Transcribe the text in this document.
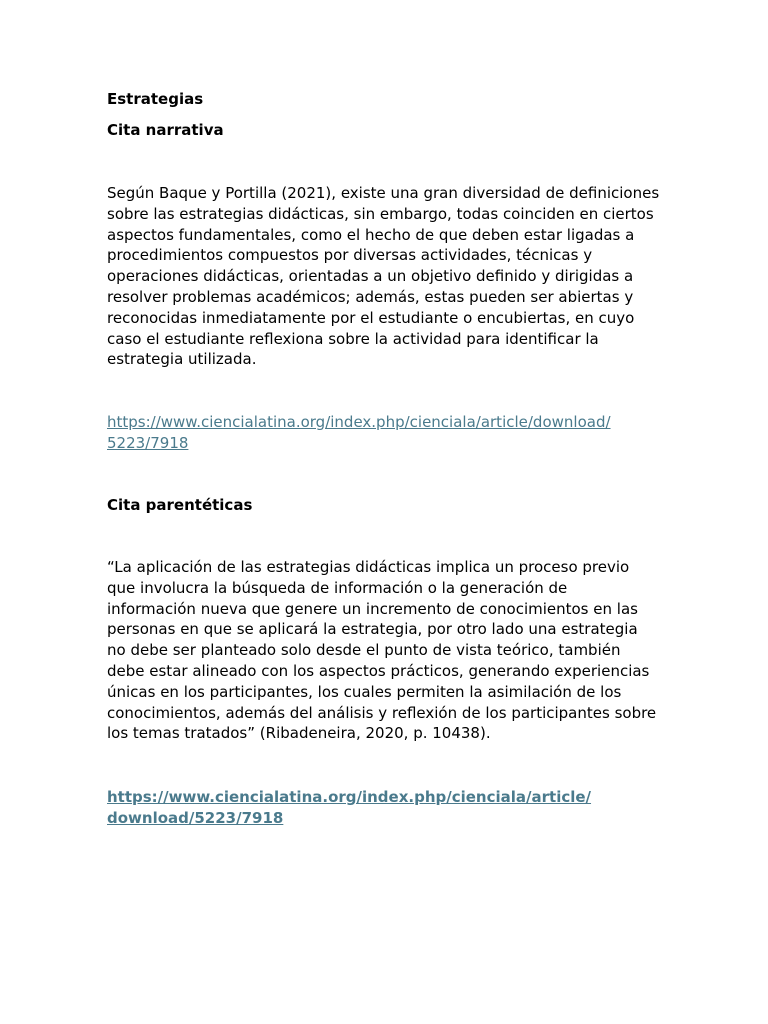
Estrategias
Cita narrativa
Según Baque y Portilla (2021), existe una gran diversidad de definiciones
sobre las estrategias didácticas, sin embargo, todas coinciden en ciertos
aspectos fundamentales, como el hecho de que deben estar ligadas a
procedimientos compuestos por diversas actividades, técnicas y
operaciones didácticas, orientadas a un objetivo definido y dirigidas a
resolver problemas académicos; además, estas pueden ser abiertas y
reconocidas inmediatamente por el estudiante o encubiertas, en cuyo
caso el estudiante reflexiona sobre la actividad para identificar la
estrategia utilizada.
https://www.ciencialatina.org/index.php/cienciala/article/download/
5223/7918
Cita parentéticas
“La aplicación de las estrategias didácticas implica un proceso previo
que involucra la búsqueda de información o la generación de
información nueva que genere un incremento de conocimientos en las
personas en que se aplicará la estrategia, por otro lado una estrategia
no debe ser planteado solo desde el punto de vista teórico, también
debe estar alineado con los aspectos prácticos, generando experiencias
únicas en los participantes, los cuales permiten la asimilación de los
conocimientos, además del análisis y reflexión de los participantes sobre
los temas tratados” (Ribadeneira, 2020, p. 10438).
https://www.ciencialatina.org/index.php/cienciala/article/
download/5223/7918
